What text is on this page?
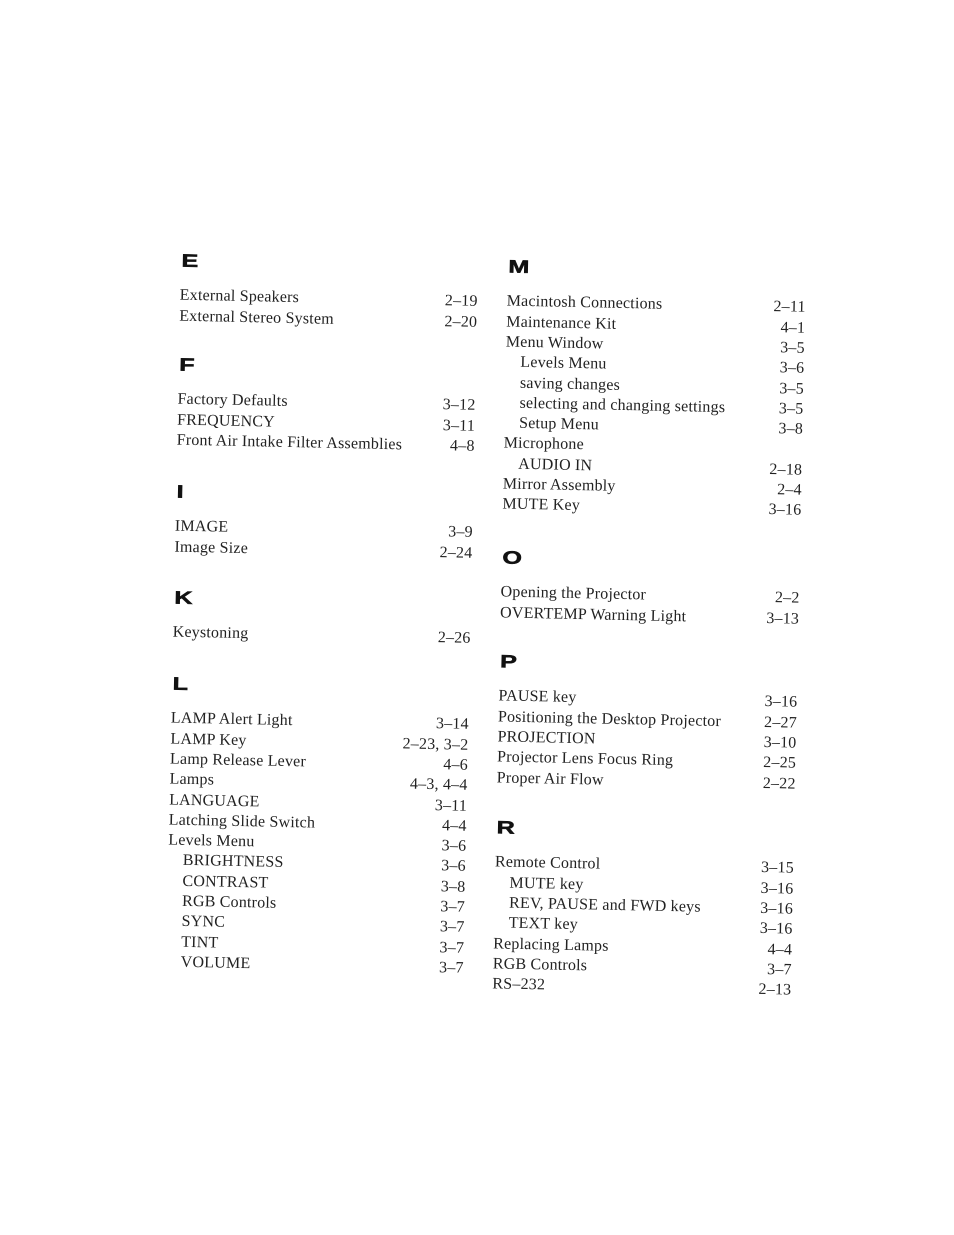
E
External Speakers	2–19
External Stereo System	2–20
F
Factory Defaults	3–12
FREQUENCY	3–11
Front Air Intake Filter Assemblies	4–8
I
IMAGE	3–9
Image Size	2–24
K
Keystoning	2–26
L
LAMP Alert Light	3–14
LAMP Key	2–23, 3–2
Lamp Release Lever	4–6
Lamps	4–3, 4–4
LANGUAGE	3–11
Latching Slide Switch	4–4
Levels Menu	3–6
BRIGHTNESS	3–6
CONTRAST	3–8
RGB Controls	3–7
SYNC	3–7
TINT	3–7
VOLUME	3–7
M
Macintosh Connections	2–11
Maintenance Kit	4–1
Menu Window	3–5
Levels Menu	3–6
saving changes	3–5
selecting and changing settings	3–5
Setup Menu	3–8
Microphone
AUDIO IN	2–18
Mirror Assembly	2–4
MUTE Key	3–16
O
Opening the Projector	2–2
OVERTEMP Warning Light	3–13
P
PAUSE key	3–16
Positioning the Desktop Projector	2–27
PROJECTION	3–10
Projector Lens Focus Ring	2–25
Proper Air Flow	2–22
R
Remote Control	3–15
MUTE key	3–16
REV, PAUSE and FWD keys	3–16
TEXT key	3–16
Replacing Lamps	4–4
RGB Controls	3–7
RS–232	2–13
